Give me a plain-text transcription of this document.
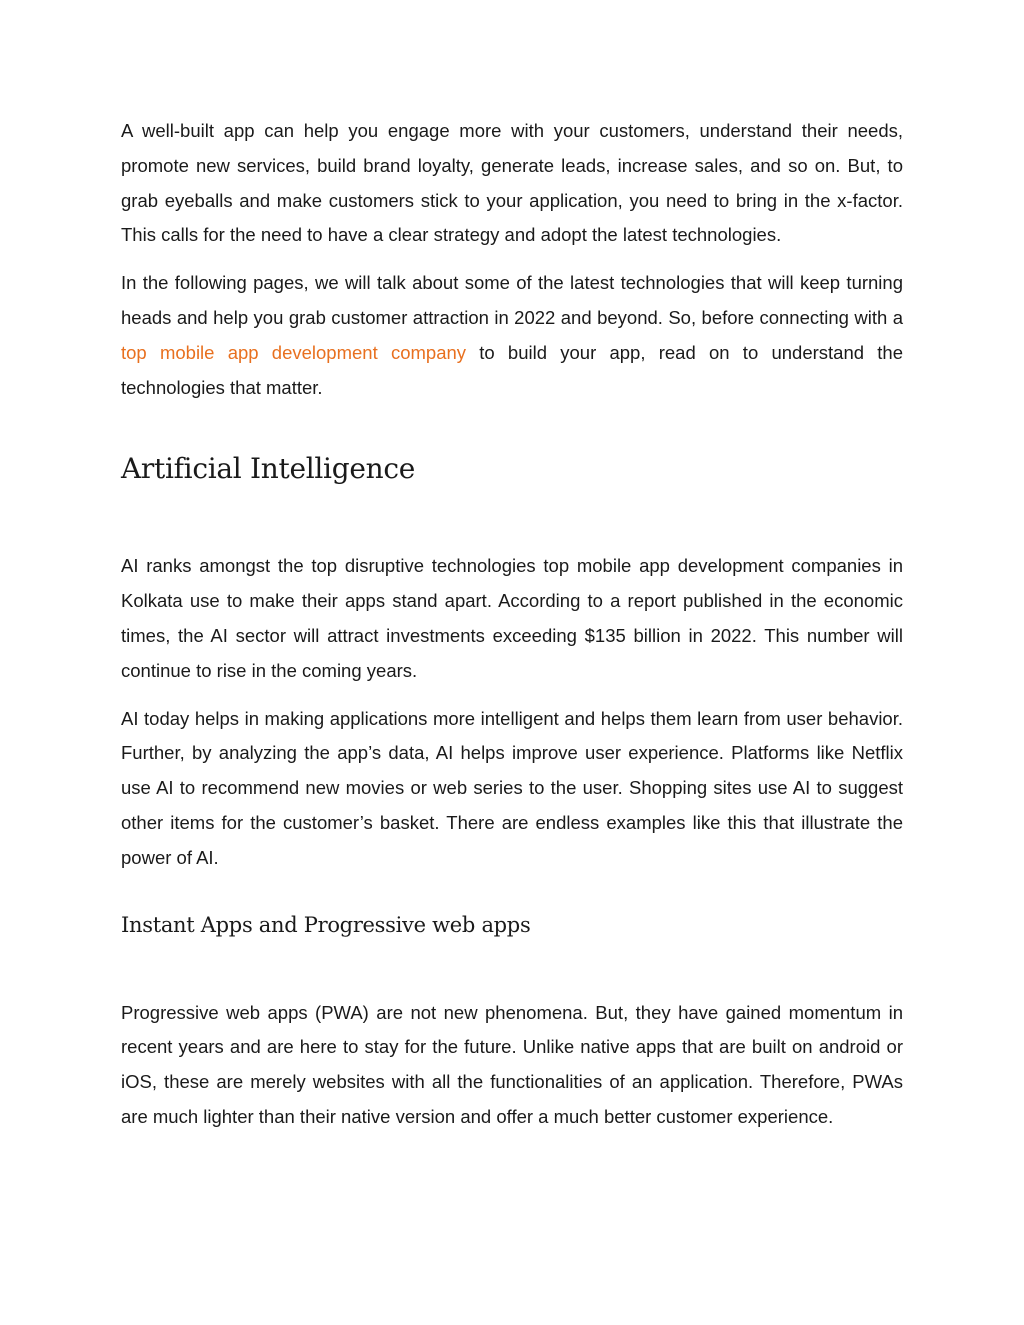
A well-built app can help you engage more with your customers, understand their needs, promote new services, build brand loyalty, generate leads, increase sales, and so on. But, to grab eyeballs and make customers stick to your application, you need to bring in the x-factor. This calls for the need to have a clear strategy and adopt the latest technologies.

In the following pages, we will talk about some of the latest technologies that will keep turning heads and help you grab customer attraction in 2022 and beyond. So, before connecting with a top mobile app development company to build your app, read on to understand the technologies that matter.

Artificial Intelligence

AI ranks amongst the top disruptive technologies top mobile app development companies in Kolkata use to make their apps stand apart. According to a report published in the economic times, the AI sector will attract investments exceeding $135 billion in 2022. This number will continue to rise in the coming years.

AI today helps in making applications more intelligent and helps them learn from user behavior. Further, by analyzing the app’s data, AI helps improve user experience. Platforms like Netflix use AI to recommend new movies or web series to the user. Shopping sites use AI to suggest other items for the customer’s basket. There are endless examples like this that illustrate the power of AI.

Instant Apps and Progressive web apps

Progressive web apps (PWA) are not new phenomena. But, they have gained momentum in recent years and are here to stay for the future. Unlike native apps that are built on android or iOS, these are merely websites with all the functionalities of an application. Therefore, PWAs are much lighter than their native version and offer a much better customer experience.
